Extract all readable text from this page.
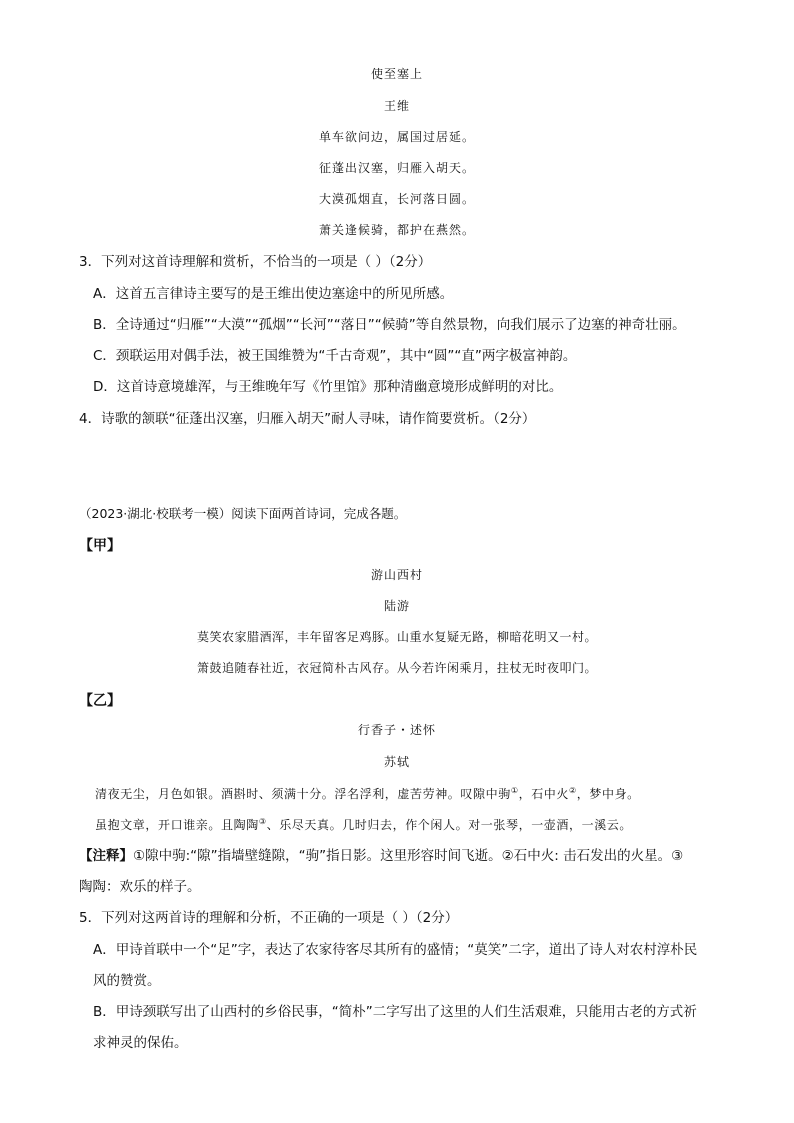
使至塞上
王维
单车欲问边，属国过居延。
征蓬出汉塞，归雁入胡天。
大漠孤烟直，长河落日圆。
萧关逢候骑，都护在燕然。
3．下列对这首诗理解和赏析，不恰当的一项是（ ）（2分）
A．这首五言律诗主要写的是王维出使边塞途中的所见所感。
B．全诗通过“归雁”“大漠”“孤烟”“长河”“落日”“候骑”等自然景物，向我们展示了边塞的神奇壮丽。
C．颈联运用对偶手法，被王国维赞为“千古奇观”，其中“圆”“直”两字极富神韵。
D．这首诗意境雄浑，与王维晚年写《竹里馆》那种清幽意境形成鲜明的对比。
4．诗歌的颔联“征蓬出汉塞，归雁入胡天”耐人寻味，请作简要赏析。（2分）
（2023·湖北·校联考一模）阅读下面两首诗词，完成各题。
【甲】
游山西村
陆游
莫笑农家腊酒浑，丰年留客足鸡豚。山重水复疑无路，柳暗花明又一村。
箫鼓追随春社近，衣冠简朴古风存。从今若许闲乘月，拄杖无时夜叩门。
【乙】
行香子・述怀
苏轼
清夜无尘，月色如银。酒斟时、须满十分。浮名浮利，虚苦劳神。叹隙中驹①，石中火②，梦中身。
虽抱文章，开口谁亲。且陶陶③、乐尽天真。几时归去，作个闲人。对一张琴，一壶酒，一溪云。
【注释】①隙中驹:“隙”指墙壁缝隙，“驹”指日影。这里形容时间飞逝。②石中火: 击石发出的火星。③
陶陶：欢乐的样子。
5．下列对这两首诗的理解和分析，不正确的一项是（ ）（2分）
A．甲诗首联中一个“足”字，表达了农家待客尽其所有的盛情；“莫笑”二字，道出了诗人对农村淳朴民
风的赞赏。
B．甲诗颈联写出了山西村的乡俗民事，“简朴”二字写出了这里的人们生活艰难，只能用古老的方式祈
求神灵的保佑。
